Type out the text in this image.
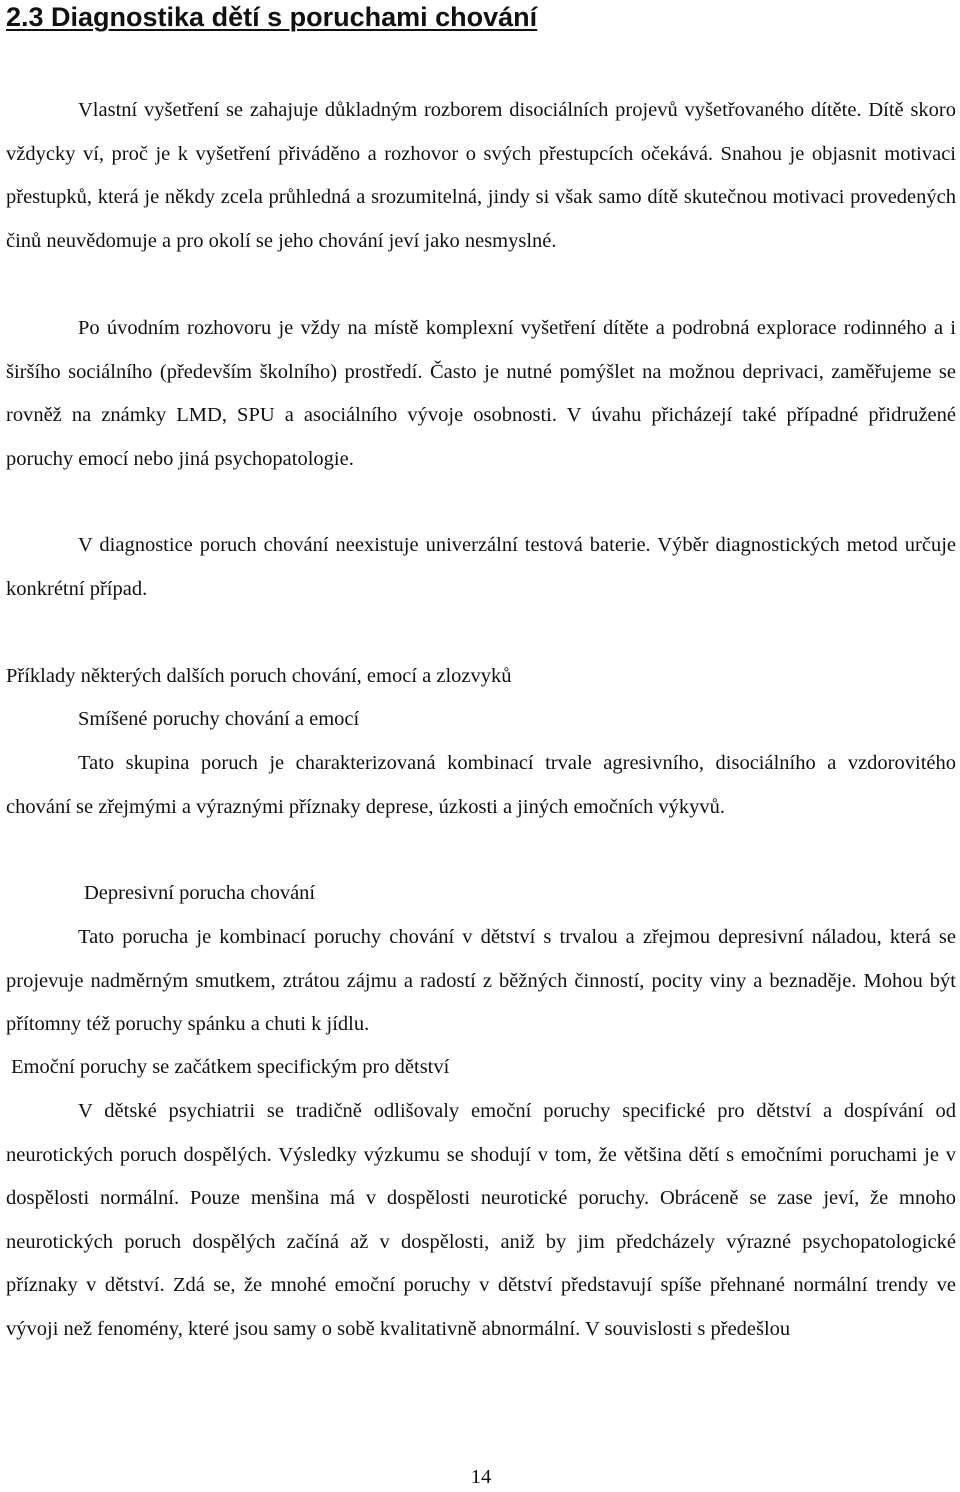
2.3 Diagnostika dětí s poruchami chování

Vlastní vyšetření se zahajuje důkladným rozborem disociálních projevů vyšetřovaného dítěte. Dítě skoro vždycky ví, proč je k vyšetření přiváděno a rozhovor o svých přestupcích očekává. Snahou je objasnit motivaci přestupků, která je někdy zcela průhledná a srozumitelná, jindy si však samo dítě skutečnou motivaci provedených činů neuvědomuje a pro okolí se jeho chování jeví jako nesmyslné.

Po úvodním rozhovoru je vždy na místě komplexní vyšetření dítěte a podrobná explorace rodinného a i širšího sociálního (především školního) prostředí. Často je nutné pomýšlet na možnou deprivaci, zaměřujeme se rovněž na známky LMD, SPU a asociálního vývoje osobnosti. V úvahu přicházejí také případné přidružené poruchy emocí nebo jiná psychopatologie.

V diagnostice poruch chování neexistuje univerzální testová baterie. Výběr diagnostických metod určuje konkrétní případ.

Příklady některých dalších poruch chování, emocí a zlozvyků

Smíšené poruchy chování a emocí

Tato skupina poruch je charakterizovaná kombinací trvale agresivního, disociálního a vzdorovitého chování se zřejmými a výraznými příznaky deprese, úzkosti a jiných emočních výkyvů.

Depresivní porucha chování

Tato porucha je kombinací poruchy chování v dětství s trvalou a zřejmou depresivní náladou, která se projevuje nadměrným smutkem, ztrátou zájmu a radostí z běžných činností, pocity viny a beznaděje. Mohou být přítomny též poruchy spánku a chuti k jídlu.

Emoční poruchy se začátkem specifickým pro dětství

V dětské psychiatrii se tradičně odlišovaly emoční poruchy specifické pro dětství a dospívání od neurotických poruch dospělých. Výsledky výzkumu se shodují v tom, že většina dětí s emočními poruchami je v dospělosti normální. Pouze menšina má v dospělosti neurotické poruchy. Obráceně se zase jeví, že mnoho neurotických poruch dospělých začíná až v dospělosti, aniž by jim předcházely výrazné psychopatologické příznaky v dětství. Zdá se, že mnohé emoční poruchy v dětství představují spíše přehnané normální trendy ve vývoji než fenomény, které jsou samy o sobě kvalitativně abnormální. V souvislosti s předešlou

14
